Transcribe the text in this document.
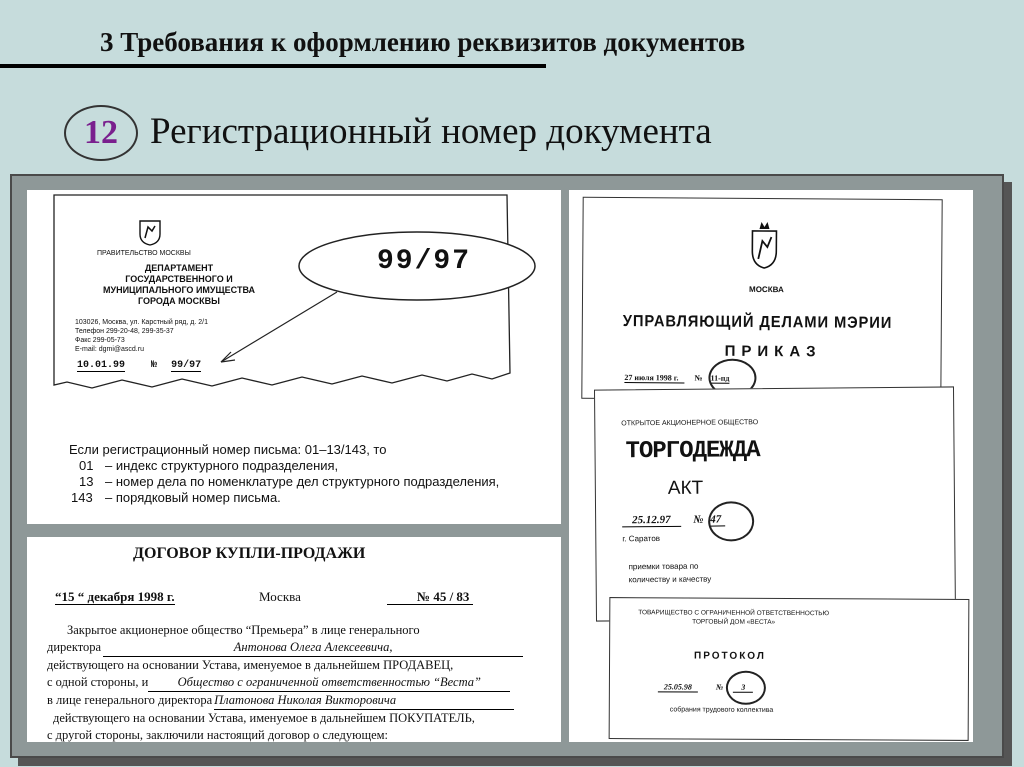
3 Требования к оформлению реквизитов документов
12 Регистрационный номер документа
ПРАВИТЕЛЬСТВО МОСКВЫ
ДЕПАРТАМЕНТ
ГОСУДАРСТВЕННОГО И
МУНИЦИПАЛЬНОГО ИМУЩЕСТВА
ГОРОДА МОСКВЫ
103026, Москва, ул. Карстный ряд, д. 2/1
Телефон 299-20-48, 299-35-37
Факс 299-05-73
E-mail: dgmi@ascd.ru
10.01.99	№ 99/97
99/97
Если регистрационный номер письма: 01–13/143, то
01 – индекс структурного подразделения,
13 – номер дела по номенклатуре дел структурного подразделения,
143 – порядковый номер письма.
ДОГОВОР КУПЛИ-ПРОДАЖИ
“15 “ декабря 1998 г.	Москва	№ 45 / 83
Закрытое акционерное общество “Премьера” в лице генерального
директора	Антонова Олега Алексеевича,
действующего на основании Устава, именуемое в дальнейшем ПРОДАВЕЦ,
с одной стороны, и Общество с ограниченной ответственностью “Веста”
в лице генерального директора Платонова Николая Викторовича
действующего на основании Устава, именуемое в дальнейшем ПОКУПАТЕЛЬ,
с другой стороны, заключили настоящий договор о следующем:
МОСКВА
УПРАВЛЯЮЩИЙ ДЕЛАМИ МЭРИИ
ПРИКАЗ
27 июля 1998 г. № 11-пд
ОТКРЫТОЕ АКЦИОНЕРНОЕ ОБЩЕСТВО
ТОРГОДЕЖДА
АКТ
25.12.97 № 47
г. Саратов
приемки товара по
количеству и качеству
ТОВАРИЩЕСТВО С ОГРАНИЧЕННОЙ ОТВЕТСТВЕННОСТЬЮ
ТОРГОВЫЙ ДОМ «ВЕСТА»
ПРОТОКОЛ
25.05.98	№ 3
собрания трудового коллектива
